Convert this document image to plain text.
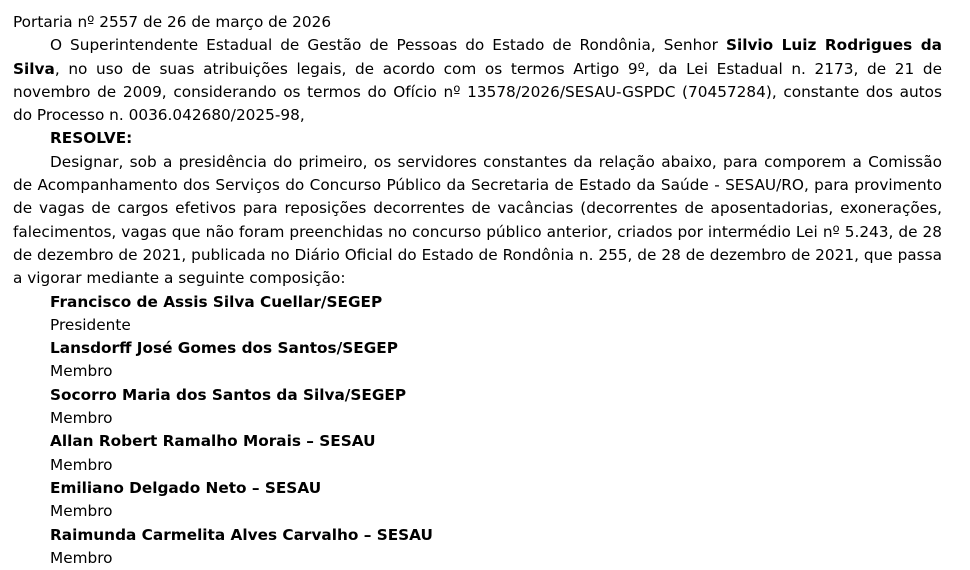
Portaria nº 2557 de 26 de março de 2026

O Superintendente Estadual de Gestão de Pessoas do Estado de Rondônia, Senhor Silvio Luiz Rodrigues da Silva, no uso de suas atribuições legais, de acordo com os termos Artigo 9º, da Lei Estadual n. 2173, de 21 de novembro de 2009, considerando os termos do Ofício nº 13578/2026/SESAU-GSPDC (70457284), constante dos autos do Processo n. 0036.042680/2025-98,

RESOLVE:

Designar, sob a presidência do primeiro, os servidores constantes da relação abaixo, para comporem a Comissão de Acompanhamento dos Serviços do Concurso Público da Secretaria de Estado da Saúde - SESAU/RO, para provimento de vagas de cargos efetivos para reposições decorrentes de vacâncias (decorrentes de aposentadorias, exonerações, falecimentos, vagas que não foram preenchidas no concurso público anterior, criados por intermédio Lei nº 5.243, de 28 de dezembro de 2021, publicada no Diário Oficial do Estado de Rondônia n. 255, de 28 de dezembro de 2021, que passa a vigorar mediante a seguinte composição:

Francisco de Assis Silva Cuellar/SEGEP

Presidente

Lansdorff José Gomes dos Santos/SEGEP

Membro

Socorro Maria dos Santos da Silva/SEGEP

Membro

Allan Robert Ramalho Morais – SESAU

Membro

Emiliano Delgado Neto – SESAU

Membro

Raimunda Carmelita Alves Carvalho – SESAU

Membro
